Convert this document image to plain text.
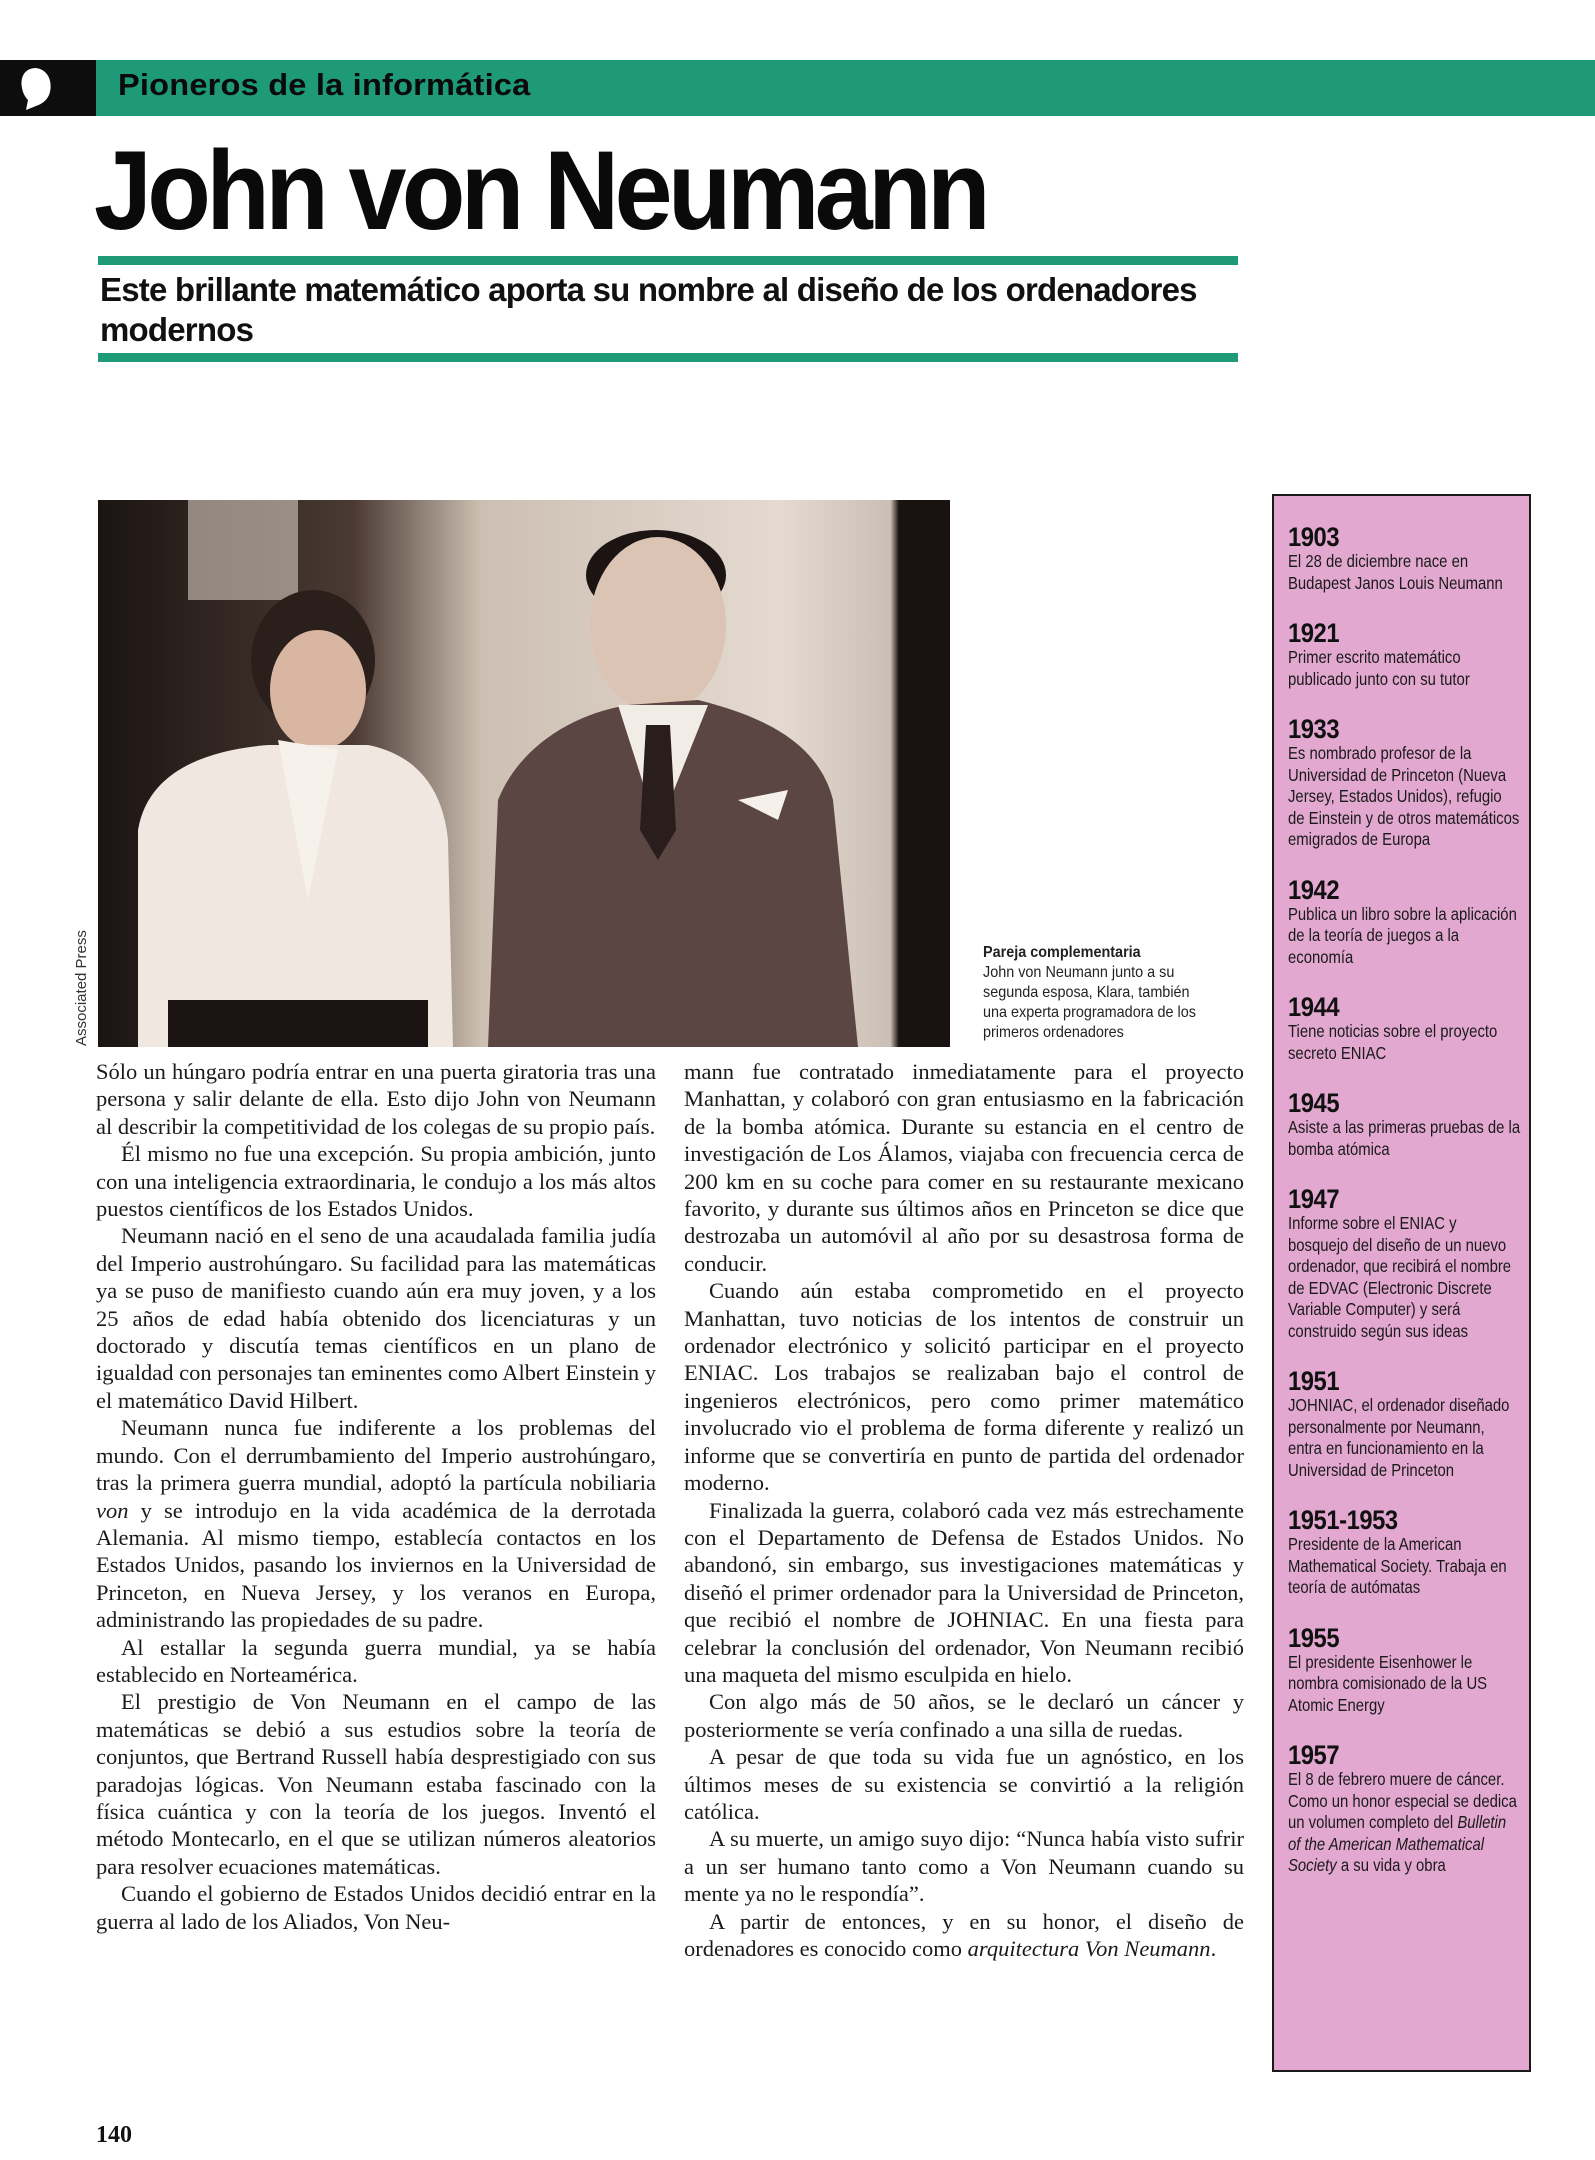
Pioneros de la informática
John von Neumann
Este brillante matemático aporta su nombre al diseño de los ordenadores modernos
Associated Press	Pareja complementaria
John von Neumann junto a su segunda esposa, Klara, también una experta programadora de los primeros ordenadores

Sólo un húngaro podría entrar en una puerta giratoria tras una persona y salir delante de ella. Esto dijo John von Neumann al describir la competitividad de los colegas de su propio país.

Él mismo no fue una excepción. Su propia ambición, junto con una inteligencia extraordinaria, le condujo a los más altos puestos científicos de los Estados Unidos.

Neumann nació en el seno de una acaudalada familia judía del Imperio austrohúngaro. Su facilidad para las matemáticas ya se puso de manifiesto cuando aún era muy joven, y a los 25 años de edad había obtenido dos licenciaturas y un doctorado y discutía temas científicos en un plano de igualdad con personajes tan eminentes como Albert Einstein y el matemático David Hilbert.

Neumann nunca fue indiferente a los problemas del mundo. Con el derrumbamiento del Imperio austrohúngaro, tras la primera guerra mundial, adoptó la partícula nobiliaria von y se introdujo en la vida académica de la derrotada Alemania. Al mismo tiempo, establecía contactos en los Estados Unidos, pasando los inviernos en la Universidad de Princeton, en Nueva Jersey, y los veranos en Europa, administrando las propiedades de su padre.

Al estallar la segunda guerra mundial, ya se había establecido en Norteamérica.

El prestigio de Von Neumann en el campo de las matemáticas se debió a sus estudios sobre la teoría de conjuntos, que Bertrand Russell había desprestigiado con sus paradojas lógicas. Von Neumann estaba fascinado con la física cuántica y con la teoría de los juegos. Inventó el método Montecarlo, en el que se utilizan números aleatorios para resolver ecuaciones matemáticas.

Cuando el gobierno de Estados Unidos decidió entrar en la guerra al lado de los Aliados, Von Neu-

mann fue contratado inmediatamente para el proyecto Manhattan, y colaboró con gran entusiasmo en la fabricación de la bomba atómica. Durante su estancia en el centro de investigación de Los Álamos, viajaba con frecuencia cerca de 200 km en su coche para comer en su restaurante mexicano favorito, y durante sus últimos años en Princeton se dice que destrozaba un automóvil al año por su desastrosa forma de conducir.

Cuando aún estaba comprometido en el proyecto Manhattan, tuvo noticias de los intentos de construir un ordenador electrónico y solicitó participar en el proyecto ENIAC. Los trabajos se realizaban bajo el control de ingenieros electrónicos, pero como primer matemático involucrado vio el problema de forma diferente y realizó un informe que se convertiría en punto de partida del ordenador moderno.

Finalizada la guerra, colaboró cada vez más estrechamente con el Departamento de Defensa de Estados Unidos. No abandonó, sin embargo, sus investigaciones matemáticas y diseñó el primer ordenador para la Universidad de Princeton, que recibió el nombre de JOHNIAC. En una fiesta para celebrar la conclusión del ordenador, Von Neumann recibió una maqueta del mismo esculpida en hielo.

Con algo más de 50 años, se le declaró un cáncer y posteriormente se vería confinado a una silla de ruedas.

A pesar de que toda su vida fue un agnóstico, en los últimos meses de su existencia se convirtió a la religión católica.

A su muerte, un amigo suyo dijo: “Nunca había visto sufrir a un ser humano tanto como a Von Neumann cuando su mente ya no le respondía”.

A partir de entonces, y en su honor, el diseño de ordenadores es conocido como arquitectura Von Neumann.

140
1903
El 28 de diciembre nace en Budapest Janos Louis Neumann
1921
Primer escrito matemático publicado junto con su tutor
1933
Es nombrado profesor de la Universidad de Princeton (Nueva Jersey, Estados Unidos), refugio de Einstein y de otros matemáticos emigrados de Europa
1942
Publica un libro sobre la aplicación de la teoría de juegos a la economía
1944
Tiene noticias sobre el proyecto secreto ENIAC
1945
Asiste a las primeras pruebas de la bomba atómica
1947
Informe sobre el ENIAC y bosquejo del diseño de un nuevo ordenador, que recibirá el nombre de EDVAC (Electronic Discrete Variable Computer) y será construido según sus ideas
1951
JOHNIAC, el ordenador diseñado personalmente por Neumann, entra en funcionamiento en la Universidad de Princeton
1951-1953
Presidente de la American Mathematical Society. Trabaja en teoría de autómatas
1955
El presidente Eisenhower le nombra comisionado de la US Atomic Energy
1957
El 8 de febrero muere de cáncer. Como un honor especial se dedica un volumen completo del Bulletin of the American Mathematical Society a su vida y obra
